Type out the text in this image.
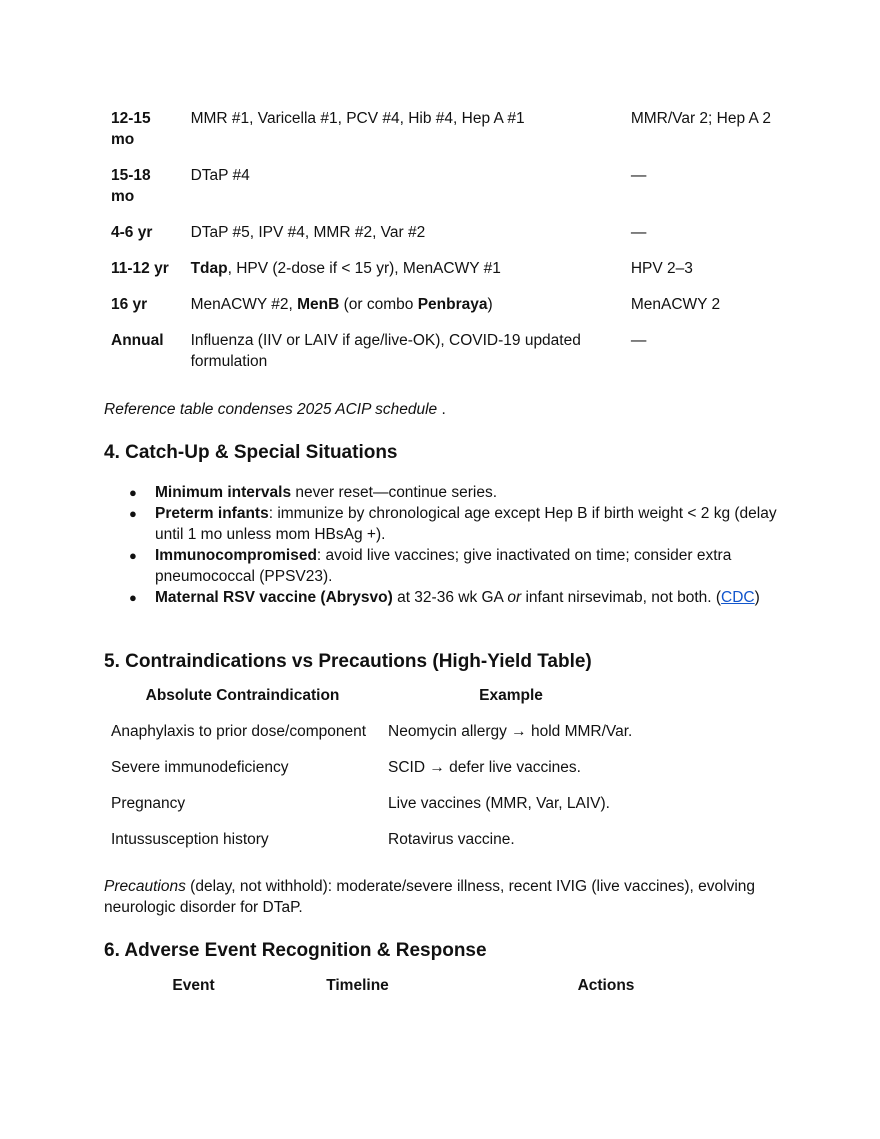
12-15 mo	MMR #1, Varicella #1, PCV #4, Hib #4, Hep A #1	MMR/Var 2; Hep A 2
15-18 mo	DTaP #4	—
4-6 yr	DTaP #5, IPV #4, MMR #2, Var #2	—
11-12 yr	Tdap, HPV (2-dose if < 15 yr), MenACWY #1	HPV 2–3
16 yr	MenACWY #2, MenB (or combo Penbraya)	MenACWY 2
Annual	Influenza (IIV or LAIV if age/live-OK), COVID-19 updated formulation	—

Reference table condenses 2025 ACIP schedule .

4. Catch-Up & Special Situations
● Minimum intervals never reset—continue series.
● Preterm infants: immunize by chronological age except Hep B if birth weight < 2 kg (delay until 1 mo unless mom HBsAg +).
● Immunocompromised: avoid live vaccines; give inactivated on time; consider extra pneumococcal (PPSV23).
● Maternal RSV vaccine (Abrysvo) at 32-36 wk GA or infant nirsevimab, not both. (CDC)
5. Contraindications vs Precautions (High-Yield Table)
Absolute Contraindication	Example
Anaphylaxis to prior dose/component	Neomycin allergy → hold MMR/Var.
Severe immunodeficiency	SCID → defer live vaccines.
Pregnancy	Live vaccines (MMR, Var, LAIV).
Intussusception history	Rotavirus vaccine.

Precautions (delay, not withhold): moderate/severe illness, recent IVIG (live vaccines), evolving neurologic disorder for DTaP.

6. Adverse Event Recognition & Response
Event	Timeline	Actions
